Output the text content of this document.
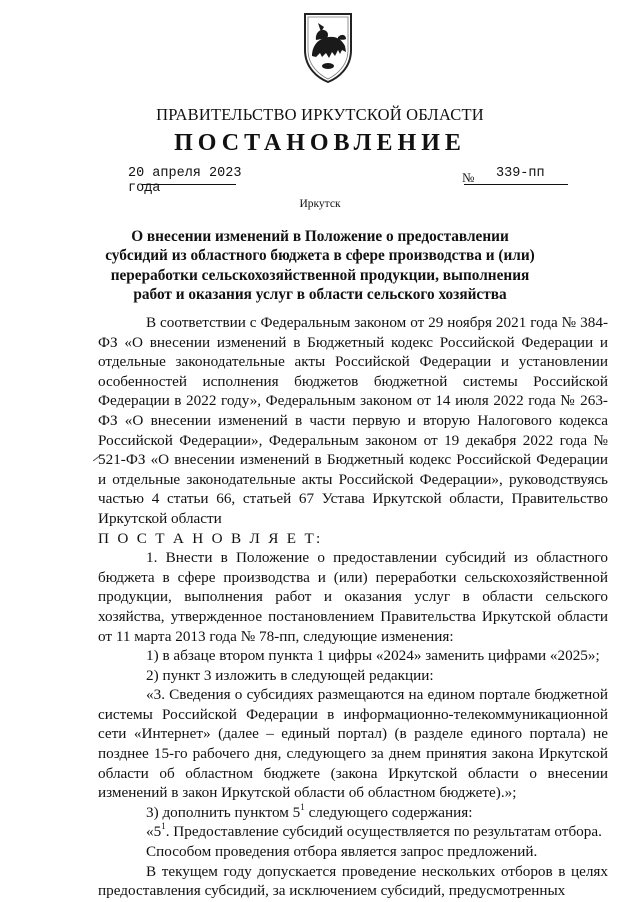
ПРАВИТЕЛЬСТВО ИРКУТСКОЙ ОБЛАСТИ
ПОСТАНОВЛЕНИЕ
20 апреля 2023 года
№ 339-пп
Иркутск
О внесении изменений в Положение о предоставлении субсидий из областного бюджета в сфере производства и (или) переработки сельскохозяйственной продукции, выполнения работ и оказания услуг в области сельского хозяйства

В соответствии с Федеральным законом от 29 ноября 2021 года № 384-ФЗ «О внесении изменений в Бюджетный кодекс Российской Федерации и отдельные законодательные акты Российской Федерации и установлении особенностей исполнения бюджетов бюджетной системы Российской Федерации в 2022 году», Федеральным законом от 14 июля 2022 года № 263-ФЗ «О внесении изменений в части первую и вторую Налогового кодекса Российской Федерации», Федеральным законом от 19 декабря 2022 года № 521-ФЗ «О внесении изменений в Бюджетный кодекс Российской Федерации и отдельные законодательные акты Российской Федерации», руководствуясь частью 4 статьи 66, статьей 67 Устава Иркутской области, Правительство Иркутской области

П О С Т А Н О В Л Я Е Т:

1. Внести в Положение о предоставлении субсидий из областного бюджета в сфере производства и (или) переработки сельскохозяйственной продукции, выполнения работ и оказания услуг в области сельского хозяйства, утвержденное постановлением Правительства Иркутской области от 11 марта 2013 года № 78-пп, следующие изменения:

1) в абзаце втором пункта 1 цифры «2024» заменить цифрами «2025»;

2) пункт 3 изложить в следующей редакции:

«3. Сведения о субсидиях размещаются на едином портале бюджетной системы Российской Федерации в информационно-телекоммуникационной сети «Интернет» (далее – единый портал) (в разделе единого портала) не позднее 15-го рабочего дня, следующего за днем принятия закона Иркутской области об областном бюджете (закона Иркутской области о внесении изменений в закон Иркутской области об областном бюджете).»;

3) дополнить пунктом $5^1$ следующего содержания:

«$5^1$. Предоставление субсидий осуществляется по результатам отбора.

Способом проведения отбора является запрос предложений.

В текущем году допускается проведение нескольких отборов в целях предоставления субсидий, за исключением субсидий, предусмотренных
